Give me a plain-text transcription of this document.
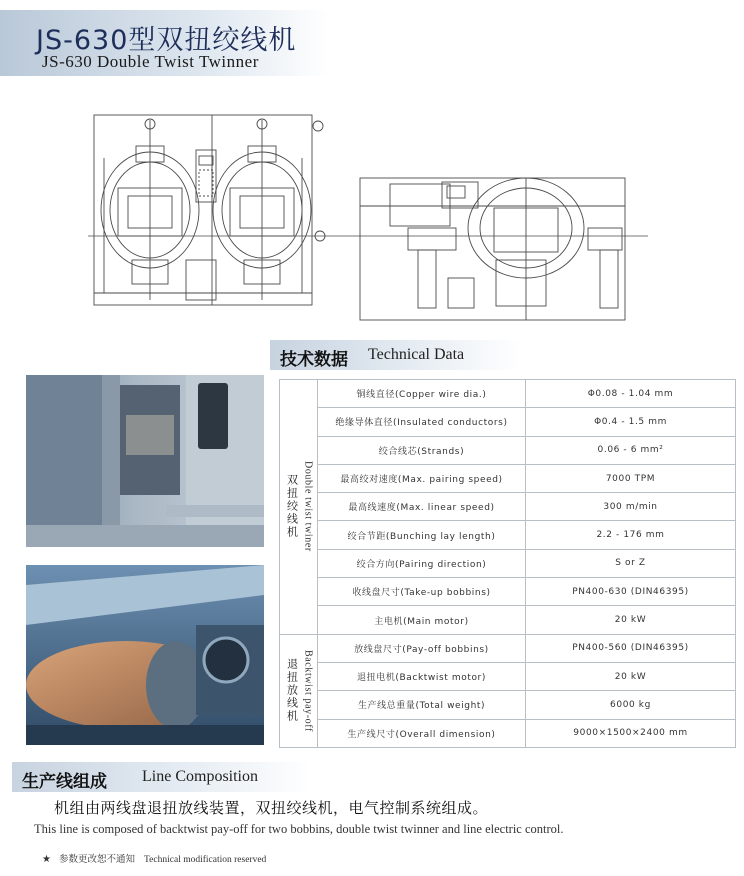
JS-630型双扭绞线机
JS-630 Double Twist Twinner
技术数据 Technical Data
双扭绞线机 Double twist twiner	铜线直径(Copper wire dia.)	Φ0.08 - 1.04 mm
	绝缘导体直径(Insulated conductors)	Φ0.4 - 1.5 mm
	绞合线芯(Strands)	0.06 - 6 mm²
	最高绞对速度(Max. pairing speed)	7000 TPM
	最高线速度(Max. linear speed)	300 m/min
	绞合节距(Bunching lay length)	2.2 - 176 mm
	绞合方向(Pairing direction)	S or Z
	收线盘尺寸(Take-up bobbins)	PN400-630 (DIN46395)
	主电机(Main motor)	20 kW

退扭放线机 Backtwist pay-off	放线盘尺寸(Pay-off bobbins)	PN400-560 (DIN46395)
	退扭电机(Backtwist motor)	20 kW
	生产线总重量(Total weight)	6000 kg
	生产线尺寸(Overall dimension)	9000×1500×2400 mm
生产线组成 Line Composition
机组由两线盘退扭放线装置，双扭绞线机，电气控制系统组成。
This line is composed of backtwist pay-off for two bobbins, double twist twinner and line electric control.
★ 参数更改恕不通知 Technical modification reserved
